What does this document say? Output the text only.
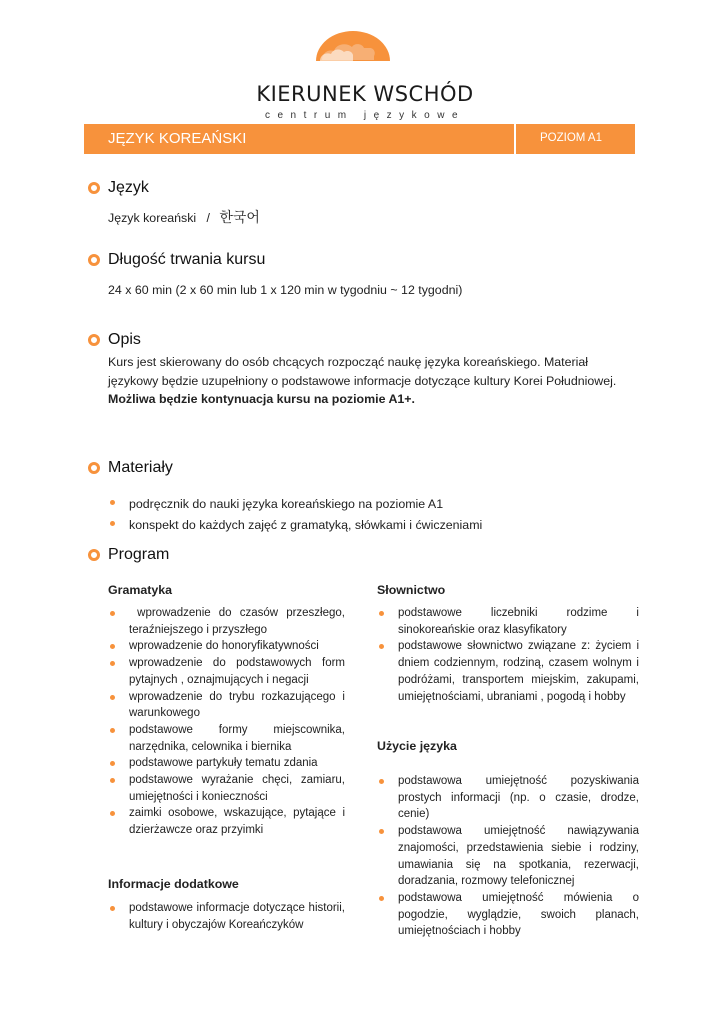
KIERUNEK WSCHÓD
centrum językowe
JĘZYK KOREAŃSKI	POZIOM A1
Język
Język koreański   / 한국어
Długość trwania kursu
24 x 60 min (2 x 60 min lub 1 x 120 min w tygodniu ~ 12 tygodni)
Opis
Kurs jest skierowany do osób chcących rozpocząć naukę języka koreańskiego. Materiał językowy będzie uzupełniony o podstawowe informacje dotyczące kultury Korei Południowej.
Możliwa będzie kontynuacja kursu na poziomie A1+.
Materiały
podręcznik do nauki języka koreańskiego na poziomie A1
konspekt do każdych zajęć z gramatyką, słówkami i ćwiczeniami
Program
Gramatyka
wprowadzenie do czasów przeszłego, teraźniejszego i przyszłego
wprowadzenie do honoryfikatywności
wprowadzenie do podstawowych form pytajnych , oznajmujących i negacji
wprowadzenie do trybu rozkazującego i warunkowego
podstawowe formy miejscownika, narzędnika, celownika i biernika
podstawowe partykuły tematu zdania
podstawowe wyrażanie chęci, zamiaru, umiejętności i konieczności
zaimki osobowe, wskazujące, pytające i dzierżawcze oraz przyimki
Informacje dodatkowe
podstawowe informacje dotyczące historii, kultury i obyczajów Koreańczyków
Słownictwo
podstawowe liczebniki rodzime i sinokoreańskie oraz klasyfikatory
podstawowe słownictwo związane z: życiem i dniem codziennym, rodziną, czasem wolnym i podróżami, transportem miejskim, zakupami, umiejętnościami, ubraniami , pogodą i hobby
Użycie języka
podstawowa umiejętność pozyskiwania prostych informacji (np. o czasie, drodze, cenie)
podstawowa umiejętność nawiązywania znajomości, przedstawienia siebie i rodziny, umawiania się na spotkania, rezerwacji, doradzania, rozmowy telefonicznej
podstawowa umiejętność mówienia o pogodzie, wyglądzie, swoich planach, umiejętnościach i hobby
